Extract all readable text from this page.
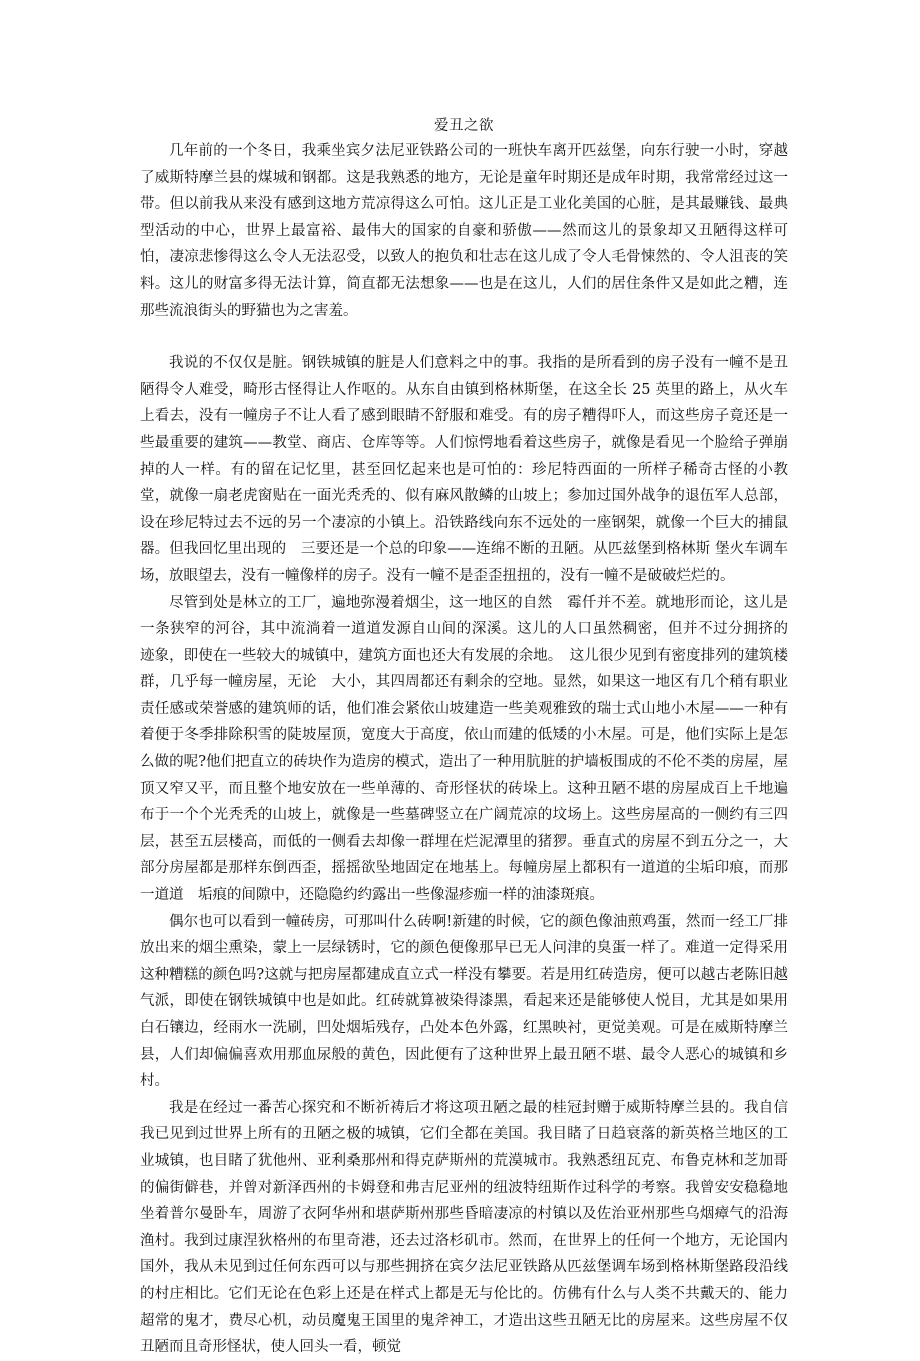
爱丑之欲

几年前的一个冬日，我乘坐宾夕法尼亚铁路公司的一班快车离开匹兹堡，向东行驶一小时，穿越了威斯特摩兰县的煤城和钢都。这是我熟悉的地方，无论是童年时期还是成年时期，我常常经过这一带。但以前我从来没有感到这地方荒凉得这么可怕。这儿正是工业化美国的心脏，是其最赚钱、最典型活动的中心，世界上最富裕、最伟大的国家的自豪和骄傲——然而这儿的景象却又丑陋得这样可怕，凄凉悲惨得这么令人无法忍受，以致人的抱负和壮志在这儿成了令人毛骨悚然的、令人沮丧的笑料。这儿的财富多得无法计算，简直都无法想象——也是在这儿，人们的居住条件又是如此之糟，连那些流浪街头的野猫也为之害羞。

我说的不仅仅是脏。钢铁城镇的脏是人们意料之中的事。我指的是所看到的房子没有一幢不是丑陋得令人难受，畸形古怪得让人作呕的。从东自由镇到格林斯堡，在这全长 25 英里的路上，从火车上看去，没有一幢房子不让人看了感到眼睛不舒服和难受。有的房子糟得吓人，而这些房子竟还是一些最重要的建筑——教堂、商店、仓库等等。人们惊愕地看着这些房子，就像是看见一个脸给子弹崩掉的人一样。有的留在记忆里，甚至回忆起来也是可怕的：珍尼特西面的一所样子稀奇古怪的小教堂，就像一扇老虎窗贴在一面光秃秃的、似有麻风散鳞的山坡上；参加过国外战争的退伍军人总部，设在珍尼特过去不远的另一个凄凉的小镇上。沿铁路线向东不远处的一座钢架，就像一个巨大的捕鼠器。但我回忆里出现的　三要还是一个总的印象——连绵不断的丑陋。从匹兹堡到格林斯 堡火车调车场，放眼望去，没有一幢像样的房子。没有一幢不是歪歪扭扭的，没有一幢不是破破烂烂的。

尽管到处是林立的工厂，遍地弥漫着烟尘，这一地区的自然　霉仟并不差。就地形而论，这儿是一条狭窄的河谷，其中流淌着一道道发源自山间的深溪。这儿的人口虽然稠密，但并不过分拥挤的　迹象，即使在一些较大的城镇中，建筑方面也还大有发展的余地。　这儿很少见到有密度排列的建筑楼群，几乎每一幢房屋，无论　大小，其四周都还有剩余的空地。显然，如果这一地区有几个稍有职业责任感或荣誉感的建筑师的话，他们准会紧依山坡建造一些美观雅致的瑞士式山地小木屋——一种有着便于冬季排除积雪的陡坡屋顶，宽度大于高度，依山而建的低矮的小木屋。可是，他们实际上是怎么做的呢?他们把直立的砖块作为造房的模式，造出了一种用肮脏的护墙板围成的不伦不类的房屋，屋顶又窄又平，而且整个地安放在一些单薄的、奇形怪状的砖垛上。这种丑陋不堪的房屋成百上千地遍布于一个个光秃秃的山坡上，就像是一些墓碑竖立在广阔荒凉的坟场上。这些房屋高的一侧约有三四层，甚至五层楼高，而低的一侧看去却像一群埋在烂泥潭里的猪猡。垂直式的房屋不到五分之一，大部分房屋都是那样东倒西歪，摇摇欲坠地固定在地基上。每幢房屋上都积有一道道的尘垢印痕，而那一道道　垢痕的间隙中，还隐隐约约露出一些像湿疹痂一样的油漆斑痕。

偶尔也可以看到一幢砖房，可那叫什么砖啊!新建的时候，它的颜色像油煎鸡蛋，然而一经工厂排放出来的烟尘熏染，蒙上一层绿锈时，它的颜色便像那早已无人问津的臭蛋一样了。难道一定得采用这种糟糕的颜色吗?这就与把房屋都建成直立式一样没有攀要。若是用红砖造房，便可以越古老陈旧越气派，即使在钢铁城镇中也是如此。红砖就算被染得漆黑，看起来还是能够使人悦目，尤其是如果用白石镶边，经雨水一洗刷，凹处烟垢残存，凸处本色外露，红黑映衬，更觉美观。可是在威斯特摩兰县，人们却偏偏喜欢用那血尿般的黄色，因此便有了这种世界上最丑陋不堪、最令人恶心的城镇和乡村。

我是在经过一番苦心探究和不断祈祷后才将这项丑陋之最的桂冠封赠于威斯特摩兰县的。我自信我已见到过世界上所有的丑陋之极的城镇，它们全都在美国。我目睹了日趋衰落的新英格兰地区的工业城镇，也目睹了犹他州、亚利桑那州和得克萨斯州的荒漠城市。我熟悉纽瓦克、布鲁克林和芝加哥的偏街僻巷，并曾对新泽西州的卡姆登和弗吉尼亚州的纽波特纽斯作过科学的考察。我曾安安稳稳地坐着普尔曼卧车，周游了衣阿华州和堪萨斯州那些昏暗凄凉的村镇以及佐治亚州那些乌烟瘴气的沿海渔村。我到过康涅狄格州的布里奇港，还去过洛杉矶市。然而，在世界上的任何一个地方，无论国内国外，我从未见到过任何东西可以与那些拥挤在宾夕法尼亚铁路从匹兹堡调车场到格林斯堡路段沿线的村庄相比。它们无论在色彩上还是在样式上都是无与伦比的。仿佛有什么与人类不共戴天的、能力超常的鬼才，费尽心机，动员魔鬼王国里的鬼斧神工，才造出这些丑陋无比的房屋来。这些房屋不仅丑陋而且奇形怪状，使人回头一看，顿觉
